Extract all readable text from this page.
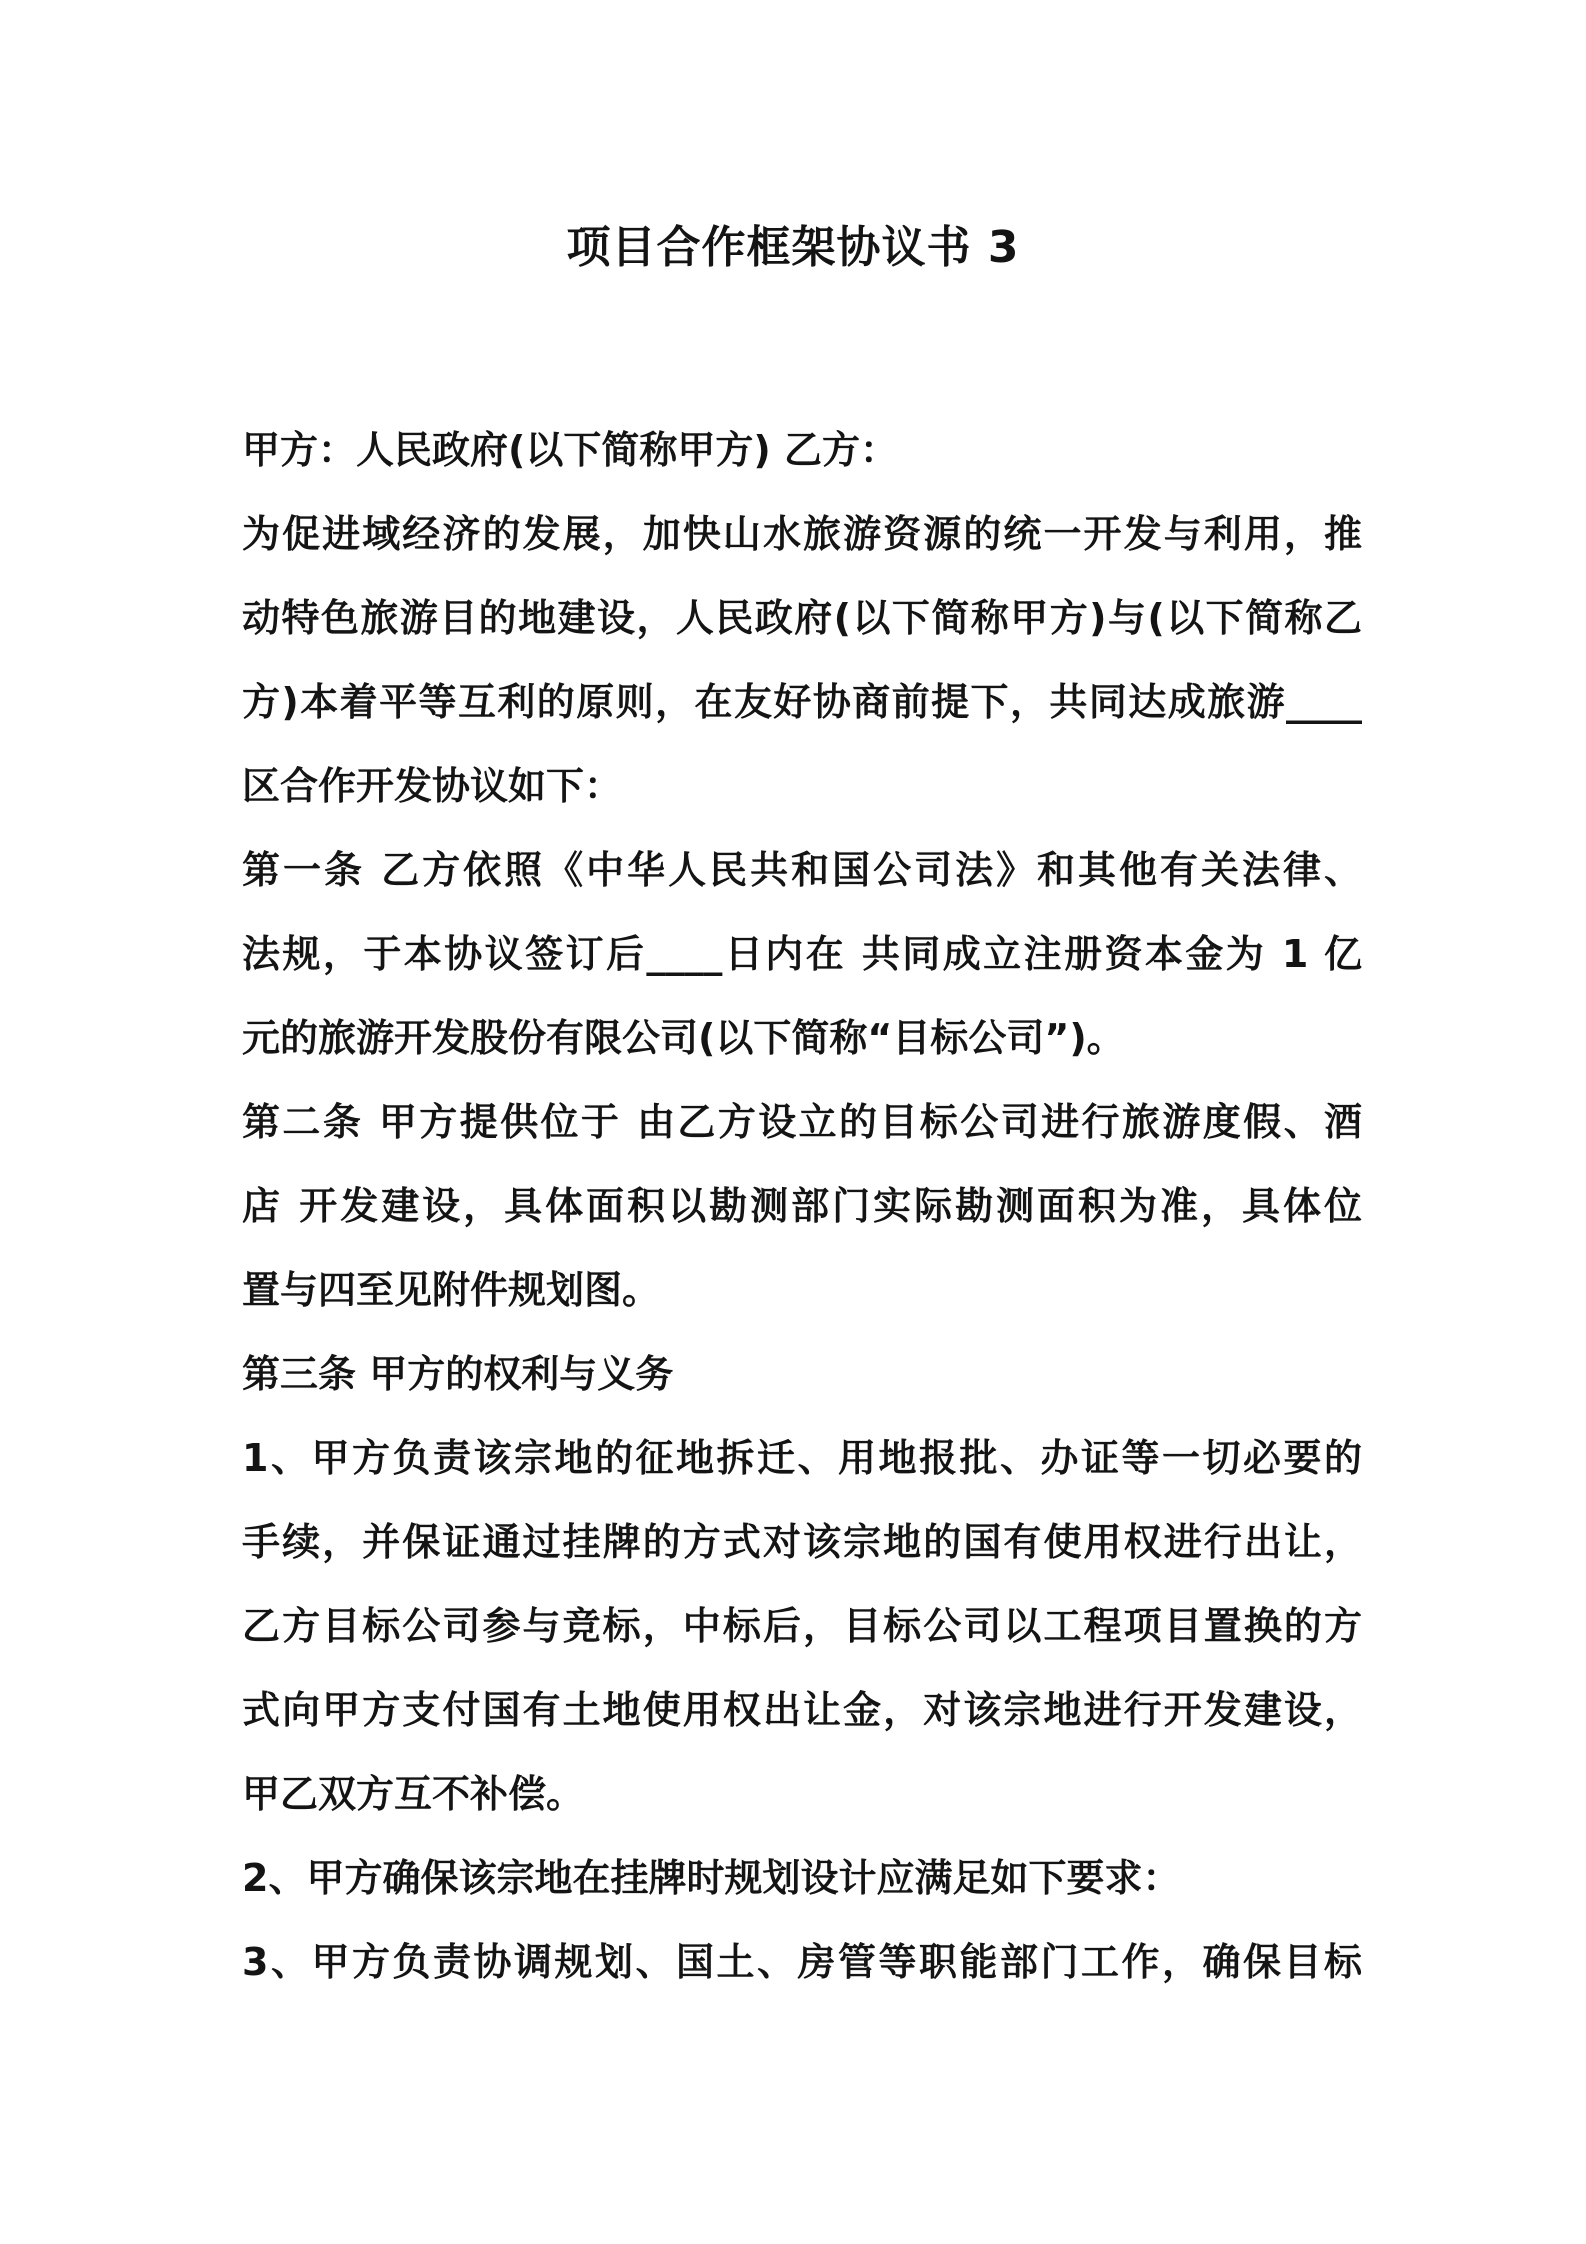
项目合作框架协议书 3
甲方：人民政府(以下简称甲方) 乙方：
为促进域经济的发展，加快山水旅游资源的统一开发与利用，推
动特色旅游目的地建设，人民政府(以下简称甲方)与(以下简称乙
方)本着平等互利的原则，在友好协商前提下，共同达成旅游____
区合作开发协议如下：
第一条 乙方依照《中华人民共和国公司法》和其他有关法律、
法规，于本协议签订后____日内在 共同成立注册资本金为 1 亿
元的旅游开发股份有限公司(以下简称“目标公司”)。
第二条 甲方提供位于 由乙方设立的目标公司进行旅游度假、酒
店 开发建设，具体面积以勘测部门实际勘测面积为准，具体位
置与四至见附件规划图。
第三条 甲方的权利与义务
1、甲方负责该宗地的征地拆迁、用地报批、办证等一切必要的
手续，并保证通过挂牌的方式对该宗地的国有使用权进行出让，
乙方目标公司参与竞标，中标后，目标公司以工程项目置换的方
式向甲方支付国有土地使用权出让金，对该宗地进行开发建设，
甲乙双方互不补偿。
2、甲方确保该宗地在挂牌时规划设计应满足如下要求：
3、甲方负责协调规划、国土、房管等职能部门工作，确保目标
